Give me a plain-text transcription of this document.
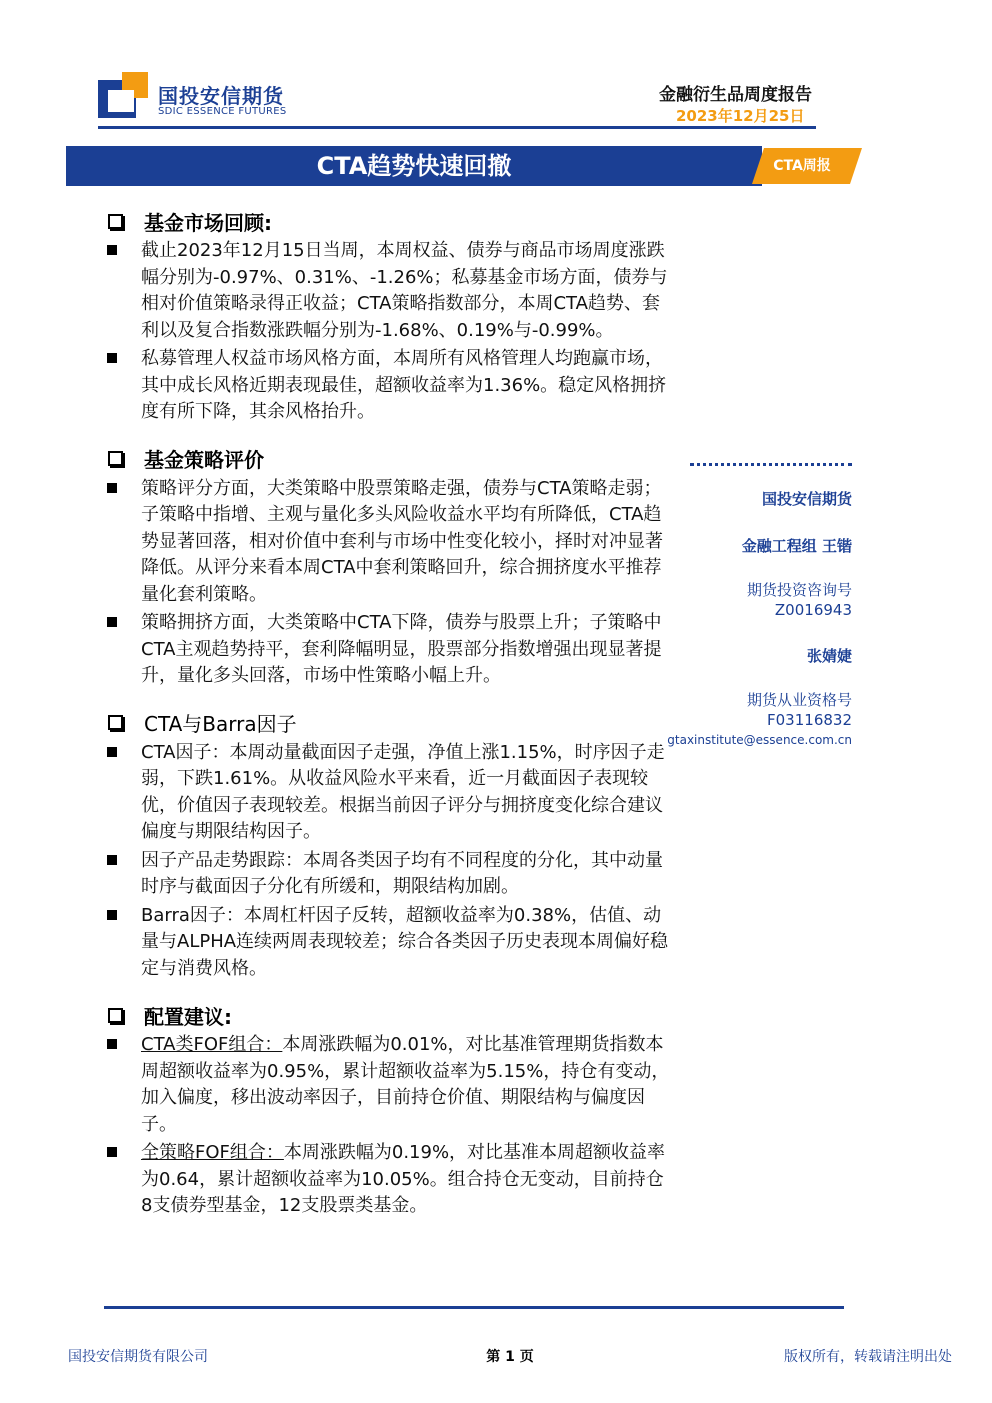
国投安信期货
SDIC ESSENCE FUTURES
金融衍生品周度报告
2023年12月25日
CTA趋势快速回撤	CTA周报
基金市场回顾:
截止2023年12月15日当周，本周权益、债券与商品市场周度涨跌幅分别为-0.97%、0.31%、-1.26%；私募基金市场方面，债券与相对价值策略录得正收益；CTA策略指数部分，本周CTA趋势、套利以及复合指数涨跌幅分别为-1.68%、0.19%与-0.99%。
私募管理人权益市场风格方面，本周所有风格管理人均跑赢市场，其中成长风格近期表现最佳，超额收益率为1.36%。稳定风格拥挤度有所下降，其余风格抬升。
基金策略评价
策略评分方面，大类策略中股票策略走强，债券与CTA策略走弱；子策略中指增、主观与量化多头风险收益水平均有所降低，CTA趋势显著回落，相对价值中套利与市场中性变化较小，择时对冲显著降低。从评分来看本周CTA中套利策略回升，综合拥挤度水平推荐量化套利策略。
策略拥挤方面，大类策略中CTA下降，债券与股票上升；子策略中CTA主观趋势持平，套利降幅明显，股票部分指数增强出现显著提升，量化多头回落，市场中性策略小幅上升。
CTA与Barra因子
CTA因子：本周动量截面因子走强，净值上涨1.15%，时序因子走弱，下跌1.61%。从收益风险水平来看，近一月截面因子表现较优，价值因子表现较差。根据当前因子评分与拥挤度变化综合建议偏度与期限结构因子。
因子产品走势跟踪：本周各类因子均有不同程度的分化，其中动量时序与截面因子分化有所缓和，期限结构加剧。
Barra因子：本周杠杆因子反转，超额收益率为0.38%，估值、动量与ALPHA连续两周表现较差；综合各类因子历史表现本周偏好稳定与消费风格。
配置建议:
CTA类FOF组合：本周涨跌幅为0.01%，对比基准管理期货指数本周超额收益率为0.95%，累计超额收益率为5.15%，持仓有变动，加入偏度，移出波动率因子，目前持仓价值、期限结构与偏度因子。
全策略FOF组合：本周涨跌幅为0.19%，对比基准本周超额收益率为0.64，累计超额收益率为10.05%。组合持仓无变动，目前持仓8支债券型基金，12支股票类基金。
国投安信期货
金融工程组 王锴
期货投资咨询号
Z0016943
张婧婕
期货从业资格号
F03116832
gtaxinstitute@essence.com.cn
国投安信期货有限公司	第 1 页	版权所有，转载请注明出处
